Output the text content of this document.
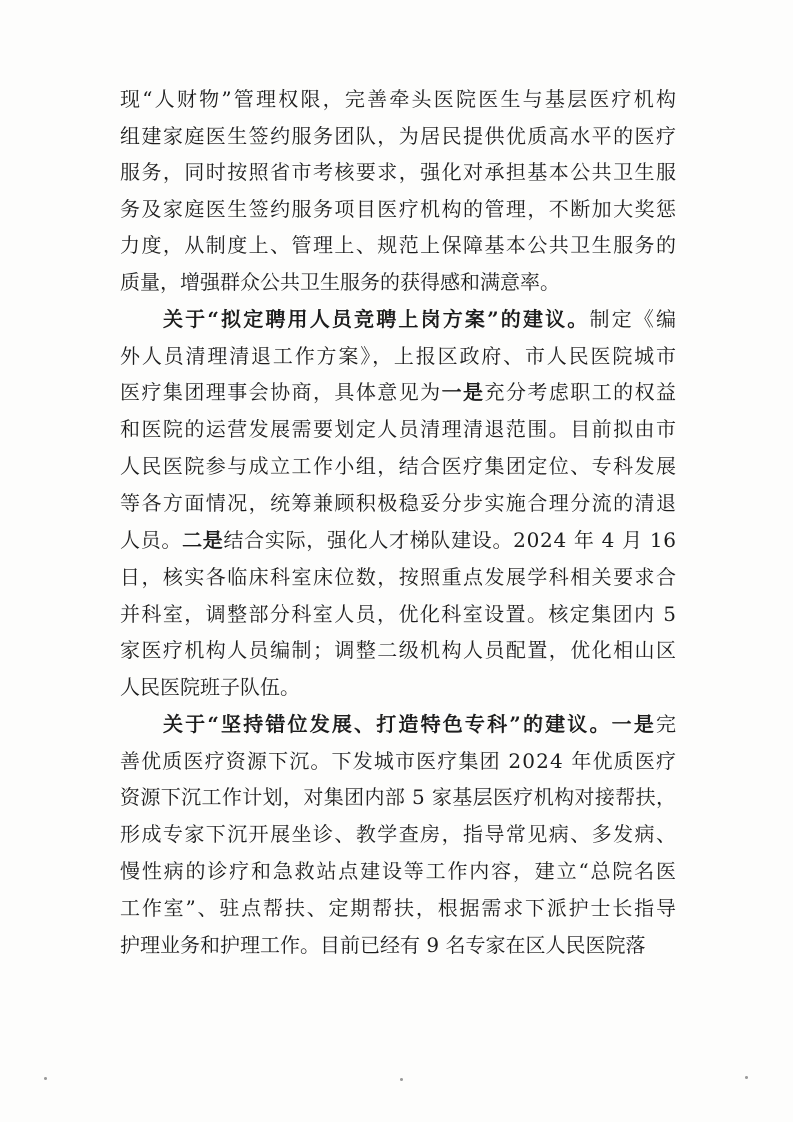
现“人财物”管理权限，完善牵头医院医生与基层医疗机构
组建家庭医生签约服务团队，为居民提供优质高水平的医疗
服务，同时按照省市考核要求，强化对承担基本公共卫生服
务及家庭医生签约服务项目医疗机构的管理，不断加大奖惩
力度，从制度上、管理上、规范上保障基本公共卫生服务的
质量，增强群众公共卫生服务的获得感和满意率。
关于“拟定聘用人员竞聘上岗方案”的建议。制定《编
外人员清理清退工作方案》，上报区政府、市人民医院城市
医疗集团理事会协商，具体意见为一是充分考虑职工的权益
和医院的运营发展需要划定人员清理清退范围。目前拟由市
人民医院参与成立工作小组，结合医疗集团定位、专科发展
等各方面情况，统筹兼顾积极稳妥分步实施合理分流的清退
人员。二是结合实际，强化人才梯队建设。2024 年 4 月 16
日，核实各临床科室床位数，按照重点发展学科相关要求合
并科室，调整部分科室人员，优化科室设置。核定集团内 5
家医疗机构人员编制；调整二级机构人员配置，优化相山区
人民医院班子队伍。
关于“坚持错位发展、打造特色专科”的建议。一是完
善优质医疗资源下沉。下发城市医疗集团 2024 年优质医疗
资源下沉工作计划，对集团内部 5 家基层医疗机构对接帮扶，
形成专家下沉开展坐诊、教学查房，指导常见病、多发病、
慢性病的诊疗和急救站点建设等工作内容，建立“总院名医
工作室”、驻点帮扶、定期帮扶，根据需求下派护士长指导
护理业务和护理工作。目前已经有 9 名专家在区人民医院落
